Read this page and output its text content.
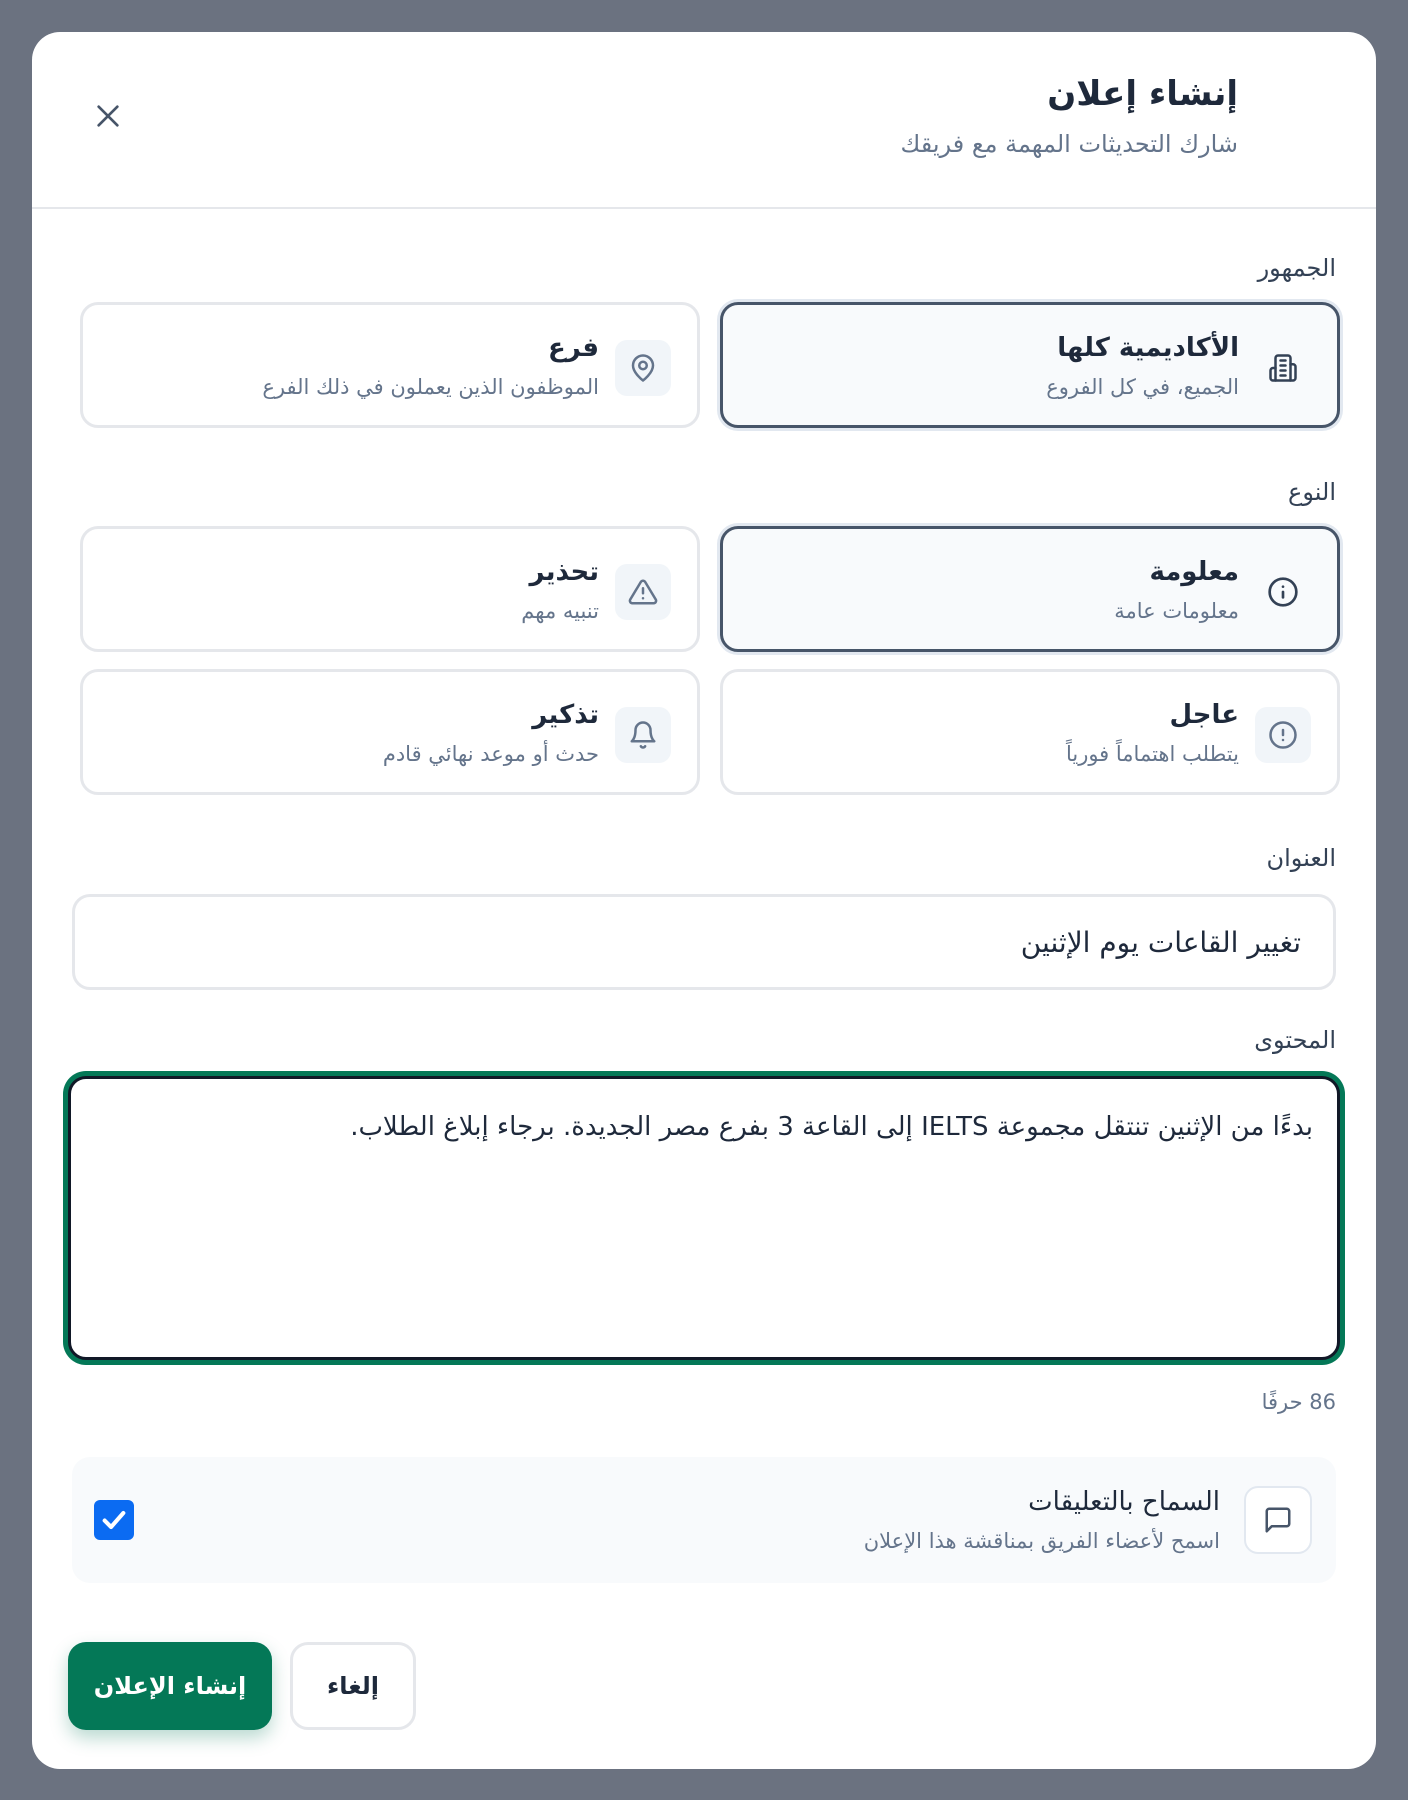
إنشاء إعلان
شارك التحديثات المهمة مع فريقك
الجمهور
الأكاديمية كلها
الجميع، في كل الفروع
فرع
الموظفون الذين يعملون في ذلك الفرع
النوع
معلومة
معلومات عامة
تحذير
تنبيه مهم
عاجل
يتطلب اهتماماً فورياً
تذكير
حدث أو موعد نهائي قادم
العنوان
تغيير القاعات يوم الإثنين
المحتوى
بدءًا من الإثنين تنتقل مجموعة IELTS إلى القاعة 3 بفرع مصر الجديدة. برجاء إبلاغ الطلاب.
86 حرفًا
السماح بالتعليقات
اسمح لأعضاء الفريق بمناقشة هذا الإعلان
إلغاء
إنشاء الإعلان
